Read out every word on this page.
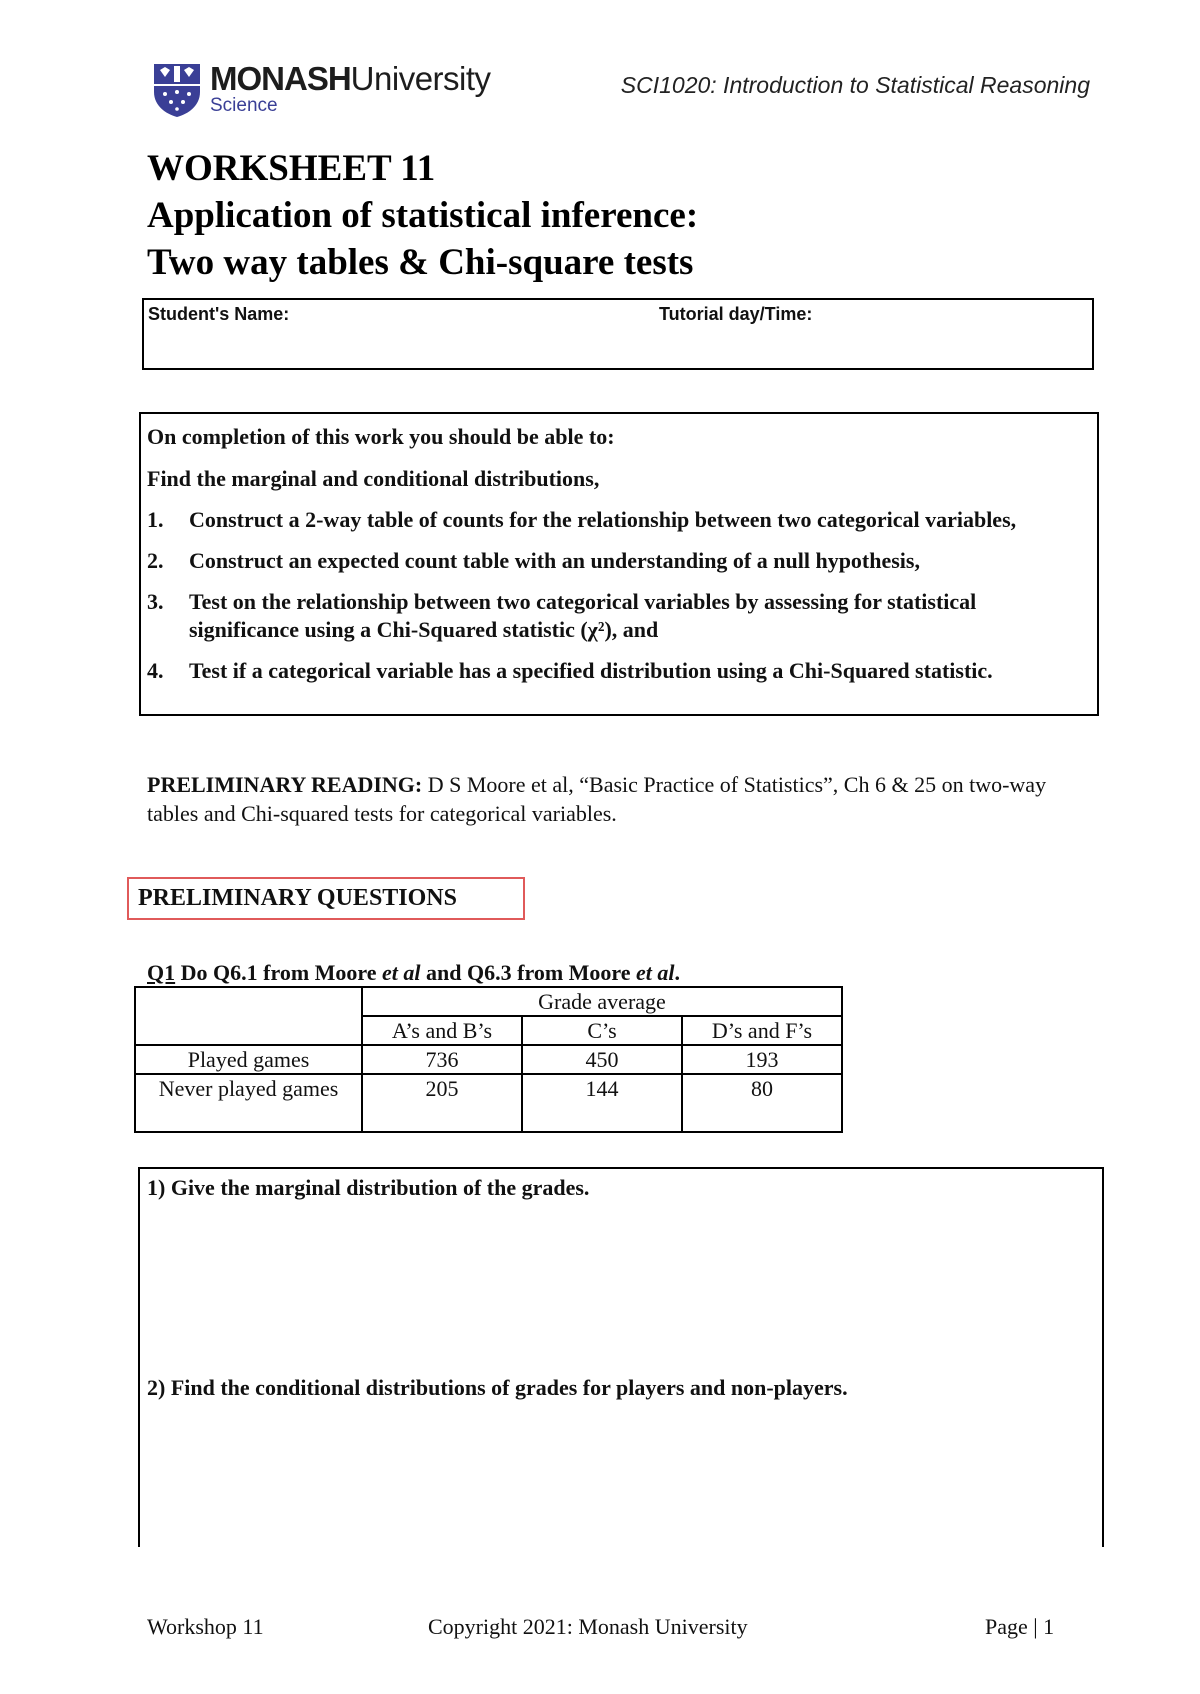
MONASHUniversity
Science
SCI1020: Introduction to Statistical Reasoning
WORKSHEET 11
Application of statistical inference:
Two way tables & Chi-square tests
Student's Name:	Tutorial day/Time:
On completion of this work you should be able to:
Find the marginal and conditional distributions,
1. Construct a 2-way table of counts for the relationship between two categorical variables,
2. Construct an expected count table with an understanding of a null hypothesis,
3. Test on the relationship between two categorical variables by assessing for statistical significance using a Chi-Squared statistic (χ²), and
4. Test if a categorical variable has a specified distribution using a Chi-Squared statistic.
PRELIMINARY READING: D S Moore et al, “Basic Practice of Statistics”, Ch 6 & 25 on two-way tables and Chi-squared tests for categorical variables.
PRELIMINARY QUESTIONS
Q1 Do Q6.1 from Moore et al and Q6.3 from Moore et al.
	Grade average		
	A’s and B’s	C’s	D’s and F’s
Played games	736	450	193
Never played games	205	144	80
1) Give the marginal distribution of the grades.
2) Find the conditional distributions of grades for players and non-players.
Workshop 11	Copyright 2021: Monash University	Page | 1
